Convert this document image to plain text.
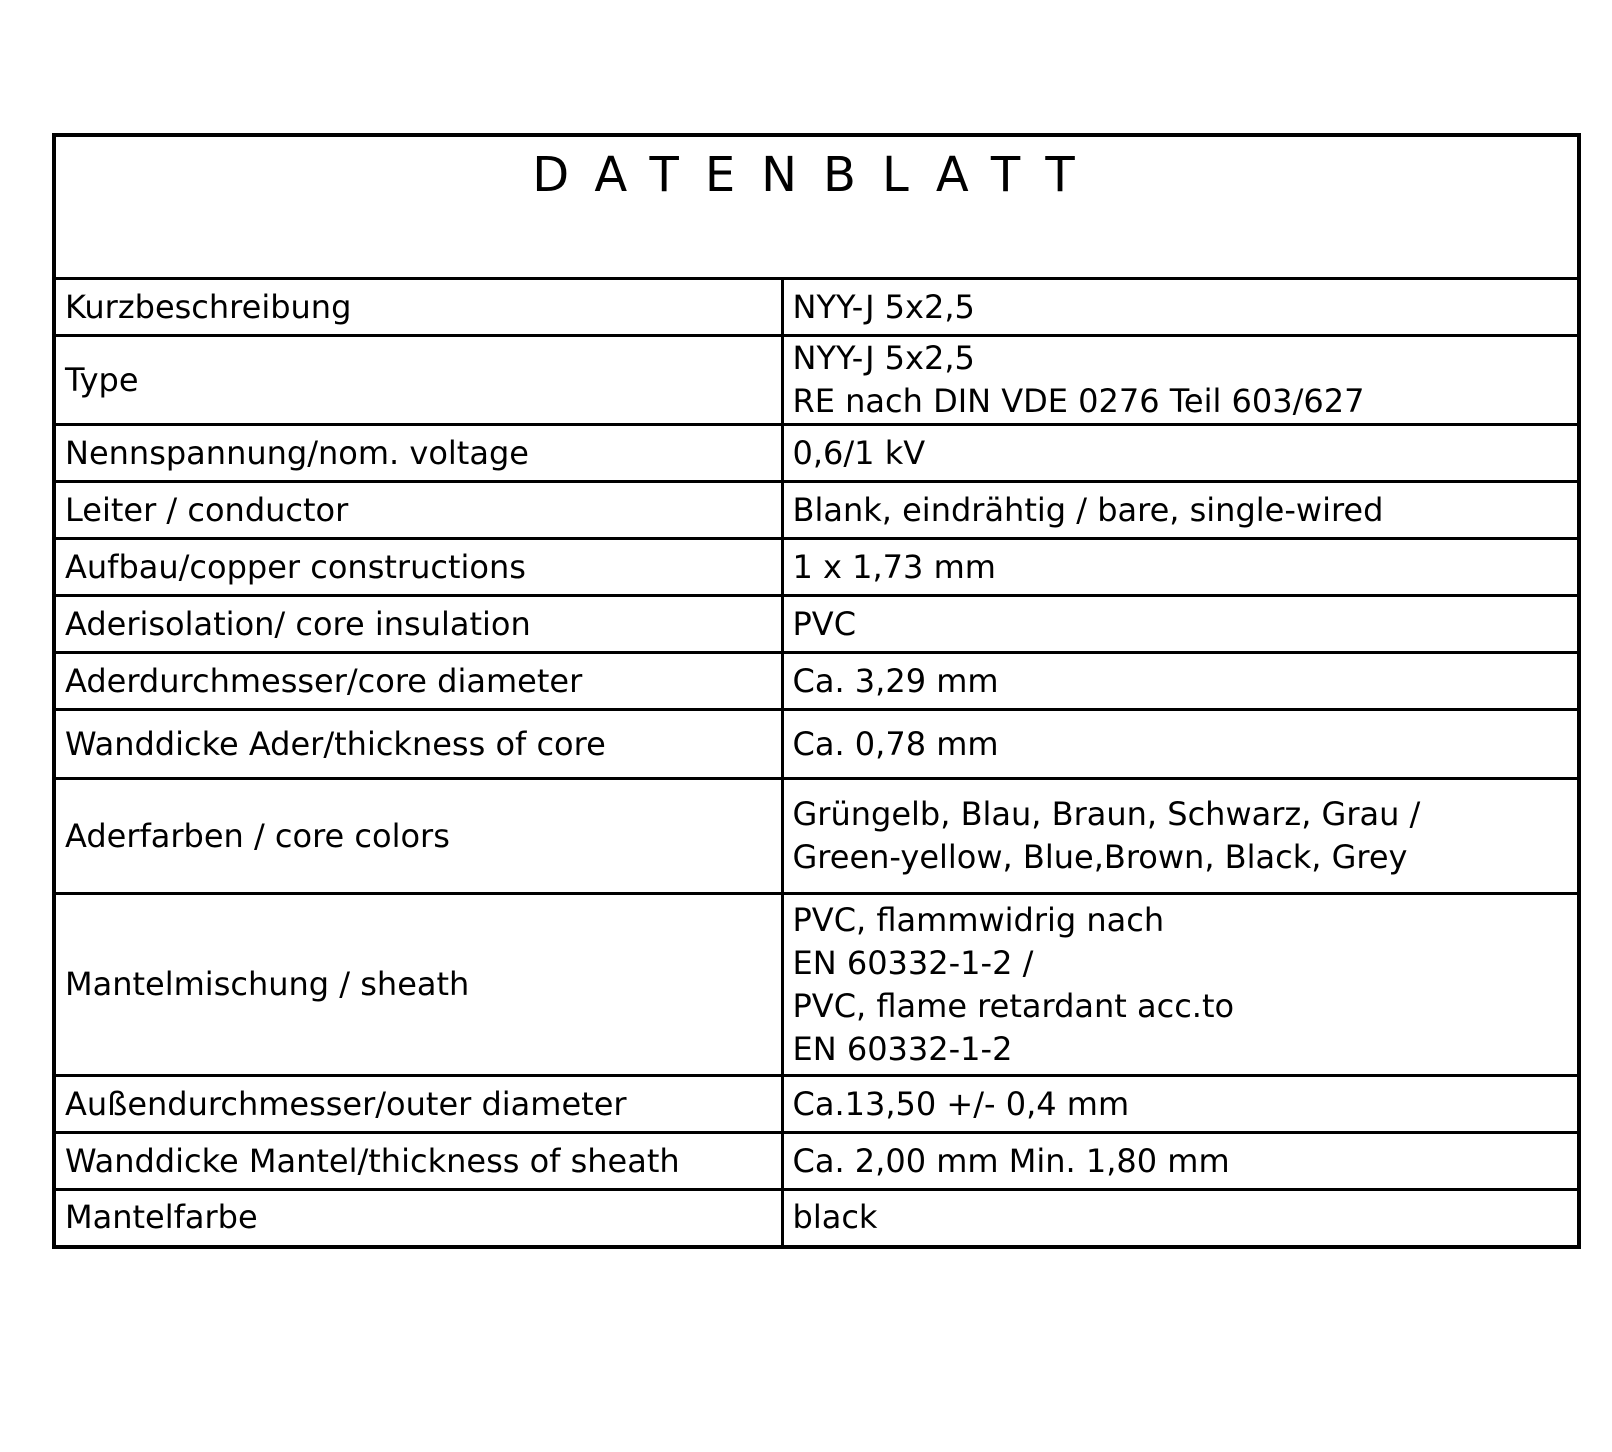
DATENBLATT	
Kurzbeschreibung	NYY-J 5x2,5

Type	NYY-J 5x2,5
RE nach DIN VDE 0276 Teil 603/627

Nennspannung/nom. voltage	0,6/1 kV

Leiter / conductor	Blank, eindrähtig / bare, single-wired

Aufbau/copper constructions	1 x 1,73 mm

Aderisolation/ core insulation	PVC

Aderdurchmesser/core diameter	Ca. 3,29 mm

Wanddicke Ader/thickness of core	Ca. 0,78 mm

Aderfarben / core colors	Grüngelb, Blau, Braun, Schwarz, Grau /
Green-yellow, Blue,Brown, Black, Grey

Mantelmischung / sheath	PVC, flammwidrig nach
EN 60332-1-2 /
PVC, flame retardant acc.to
EN 60332-1-2

Außendurchmesser/outer diameter	Ca.13,50 +/- 0,4 mm

Wanddicke Mantel/thickness of sheath	Ca. 2,00 mm Min. 1,80 mm

Mantelfarbe	black
